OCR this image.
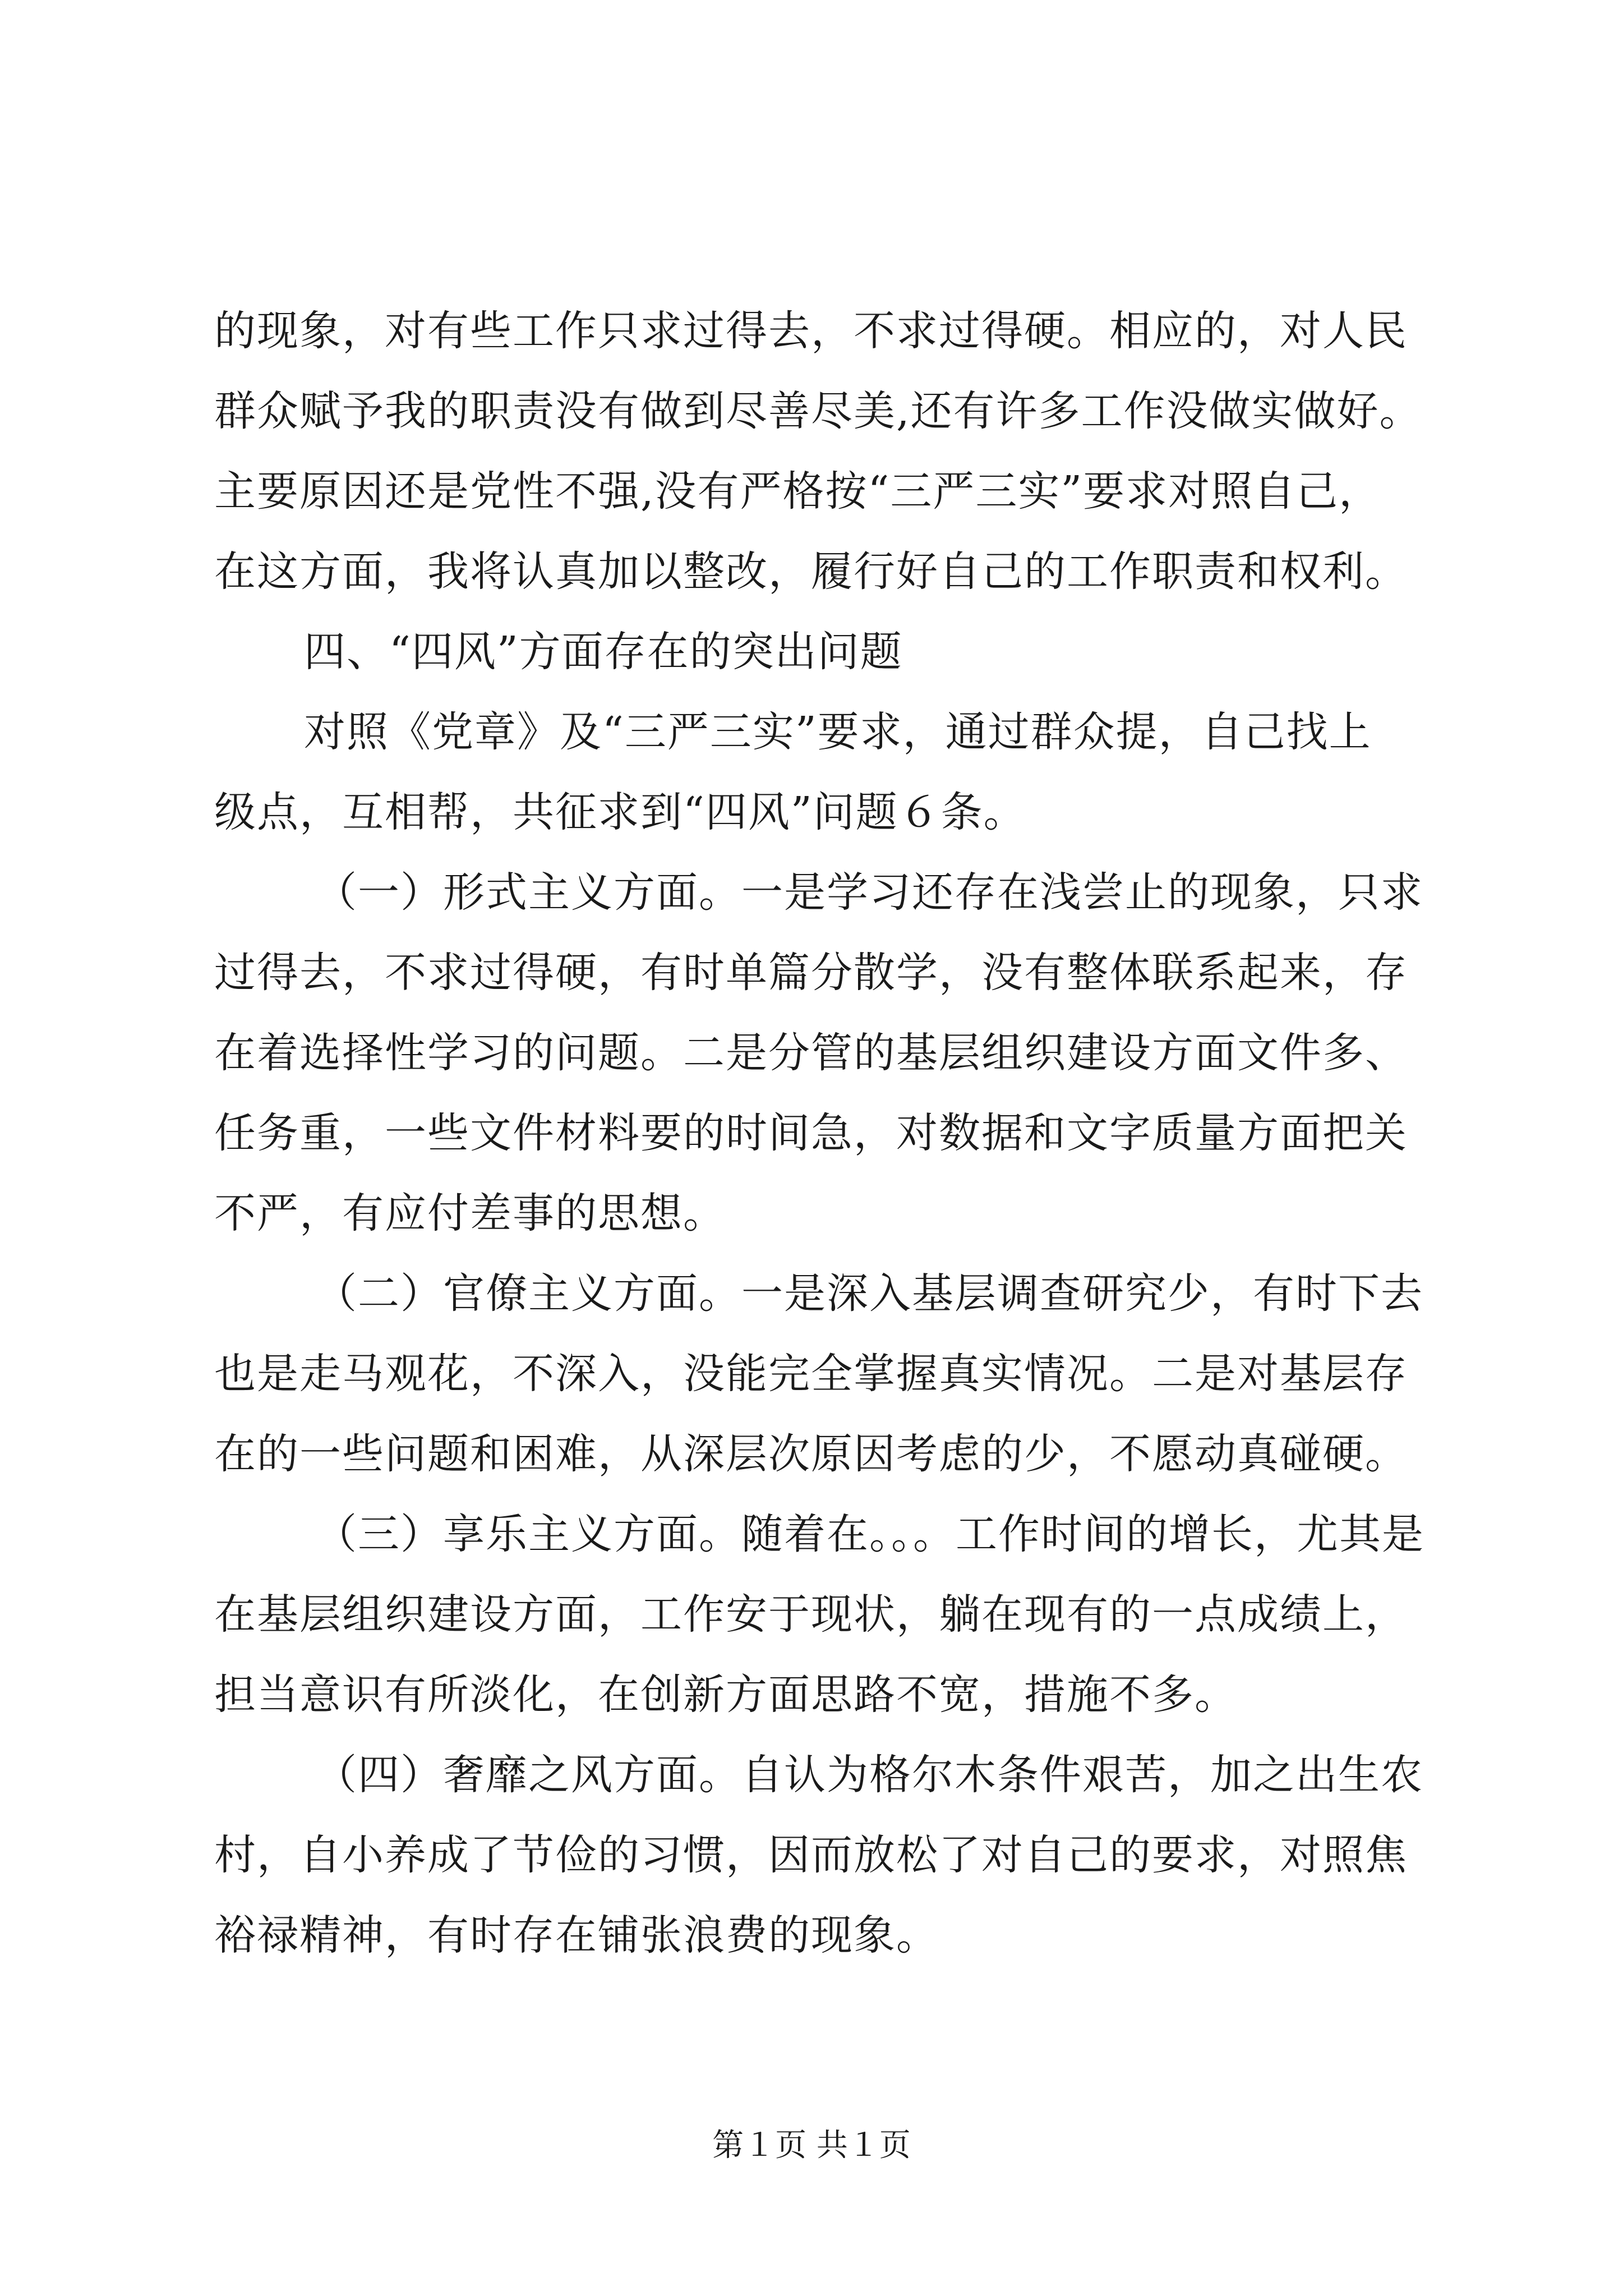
的现象，对有些工作只求过得去，不求过得硬。相应的，对人民
群众赋予我的职责没有做到尽善尽美,还有许多工作没做实做好。
主要原因还是党性不强,没有严格按“三严三实”要求对照自己，
在这方面，我将认真加以整改，履行好自己的工作职责和权利。
四、“四风”方面存在的突出问题
对照《党章》及“三严三实”要求，通过群众提，自己找上
级点，互相帮，共征求到“四风”问题６条。
（一）形式主义方面。一是学习还存在浅尝止的现象，只求
过得去，不求过得硬，有时单篇分散学，没有整体联系起来，存
在着选择性学习的问题。二是分管的基层组织建设方面文件多、
任务重，一些文件材料要的时间急，对数据和文字质量方面把关
不严，有应付差事的思想。
（二）官僚主义方面。一是深入基层调查研究少，有时下去
也是走马观花，不深入，没能完全掌握真实情况。二是对基层存
在的一些问题和困难，从深层次原因考虑的少，不愿动真碰硬。
（三）享乐主义方面。随着在。。。工作时间的增长，尤其是
在基层组织建设方面，工作安于现状，躺在现有的一点成绩上，
担当意识有所淡化，在创新方面思路不宽，措施不多。
（四）奢靡之风方面。自认为格尔木条件艰苦，加之出生农
村，自小养成了节俭的习惯，因而放松了对自己的要求，对照焦
裕禄精神，有时存在铺张浪费的现象。
第１页 共１页
